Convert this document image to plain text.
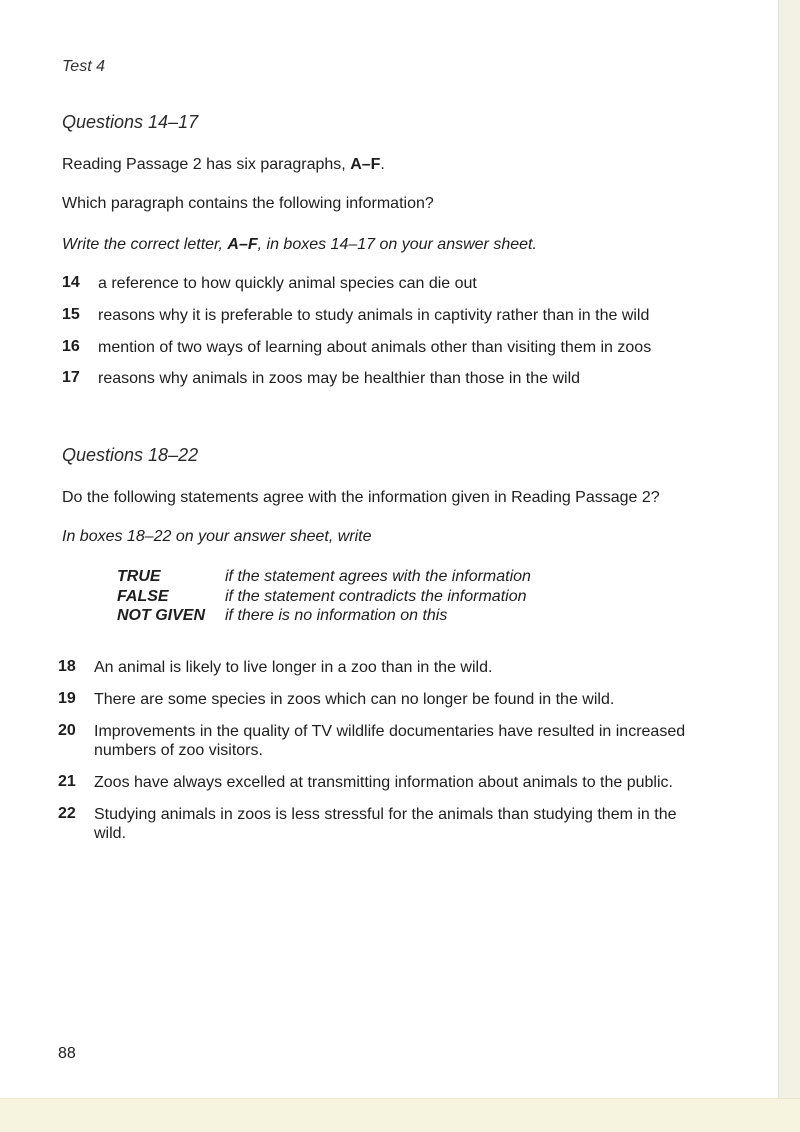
Test 4
Questions 14–17
Reading Passage 2 has six paragraphs, A–F.
Which paragraph contains the following information?
Write the correct letter, A–F, in boxes 14–17 on your answer sheet.
14	a reference to how quickly animal species can die out
15	reasons why it is preferable to study animals in captivity rather than in the wild
16	mention of two ways of learning about animals other than visiting them in zoos
17	reasons why animals in zoos may be healthier than those in the wild
Questions 18–22
Do the following statements agree with the information given in Reading Passage 2?
In boxes 18–22 on your answer sheet, write
TRUE	if the statement agrees with the information
FALSE	if the statement contradicts the information
NOT GIVEN	if there is no information on this
18	An animal is likely to live longer in a zoo than in the wild.
19	There are some species in zoos which can no longer be found in the wild.
20	Improvements in the quality of TV wildlife documentaries have resulted in increased numbers of zoo visitors.
21	Zoos have always excelled at transmitting information about animals to the public.
22	Studying animals in zoos is less stressful for the animals than studying them in the wild.
88
